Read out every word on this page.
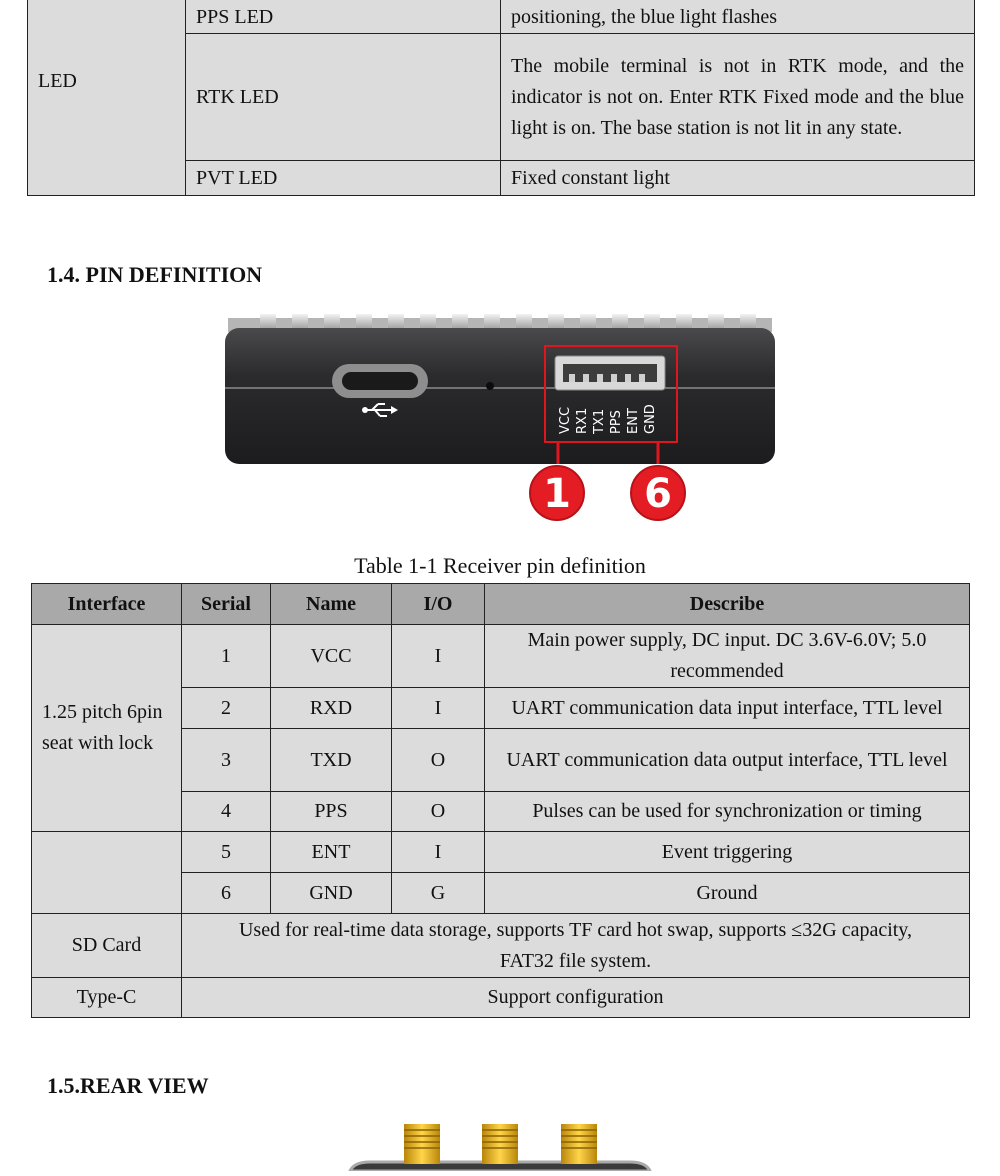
LED	PPS LED	positioning, the blue light flashes
	RTK LED	The mobile terminal is not in RTK mode, and the indicator is not on. Enter RTK Fixed mode and the blue light is on. The base station is not lit in any state.
	PVT LED	Fixed constant light
1.4. PIN DEFINITION
VCC RX1 TX1 PPS ENT GND
1 6
Table 1-1 Receiver pin definition
Interface	Serial	Name	I/O	Describe
1.25 pitch 6pin seat with lock	1	VCC	I	Main power supply, DC input. DC 3.6V-6.0V; 5.0 recommended
	2	RXD	I	UART communication data input interface, TTL level
	3	TXD	O	UART communication data output interface, TTL level
	4	PPS	O	Pulses can be used for synchronization or timing
	5	ENT	I	Event triggering
	6	GND	G	Ground
SD Card	Used for real-time data storage, supports TF card hot swap, supports ≤32G capacity, FAT32 file system.			
Type-C	Support configuration			
1.5.REAR VIEW
